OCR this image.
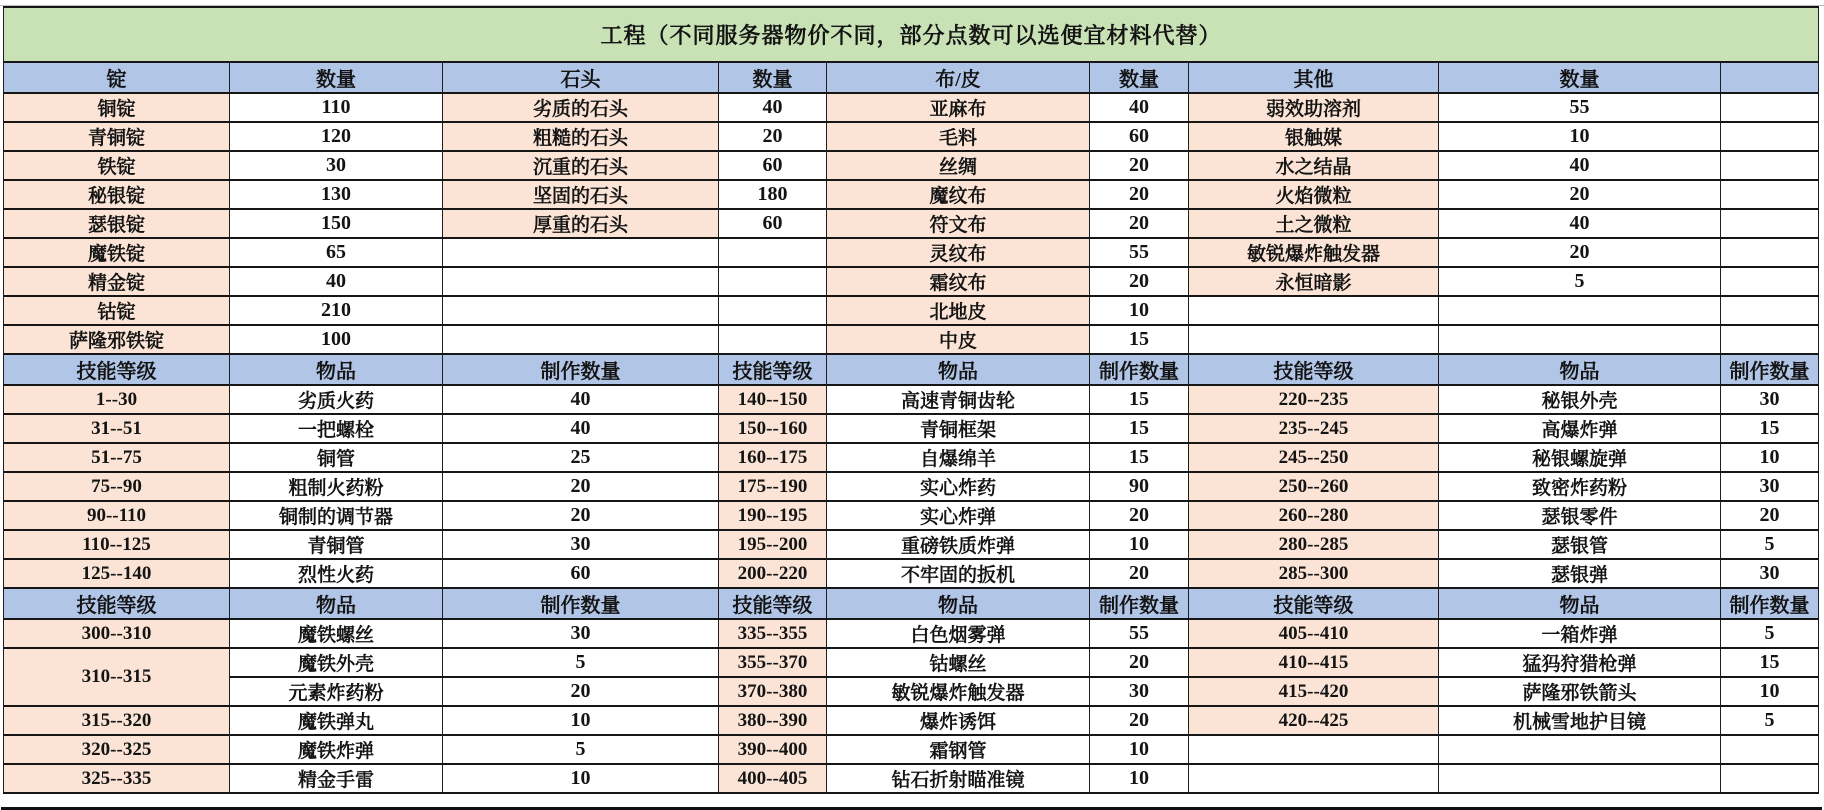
工程（不同服务器物价不同，部分点数可以选便宜材料代替）								
锭	数量	石头	数量	布/皮	数量	其他	数量	
铜锭	110	劣质的石头	40	亚麻布	40	弱效助溶剂	55	
青铜锭	120	粗糙的石头	20	毛料	60	银触媒	10	
铁锭	30	沉重的石头	60	丝绸	20	水之结晶	40	
秘银锭	130	坚固的石头	180	魔纹布	20	火焰微粒	20	
瑟银锭	150	厚重的石头	60	符文布	20	土之微粒	40	
魔铁锭	65			灵纹布	55	敏锐爆炸触发器	20	
精金锭	40			霜纹布	20	永恒暗影	5	
钴锭	210			北地皮	10			
萨隆邪铁锭	100			中皮	15			
技能等级	物品	制作数量	技能等级	物品	制作数量	技能等级	物品	制作数量
1--30	劣质火药	40	140--150	高速青铜齿轮	15	220--235	秘银外壳	30
31--51	一把螺栓	40	150--160	青铜框架	15	235--245	高爆炸弹	15
51--75	铜管	25	160--175	自爆绵羊	15	245--250	秘银螺旋弹	10
75--90	粗制火药粉	20	175--190	实心炸药	90	250--260	致密炸药粉	30
90--110	铜制的调节器	20	190--195	实心炸弹	20	260--280	瑟银零件	20
110--125	青铜管	30	195--200	重磅铁质炸弹	10	280--285	瑟银管	5
125--140	烈性火药	60	200--220	不牢固的扳机	20	285--300	瑟银弹	30
技能等级	物品	制作数量	技能等级	物品	制作数量	技能等级	物品	制作数量
300--310	魔铁螺丝	30	335--355	白色烟雾弹	55	405--410	一箱炸弹	5
310--315	魔铁外壳	5	355--370	钴螺丝	20	410--415	猛犸狩猎枪弹	15
	元素炸药粉	20	370--380	敏锐爆炸触发器	30	415--420	萨隆邪铁箭头	10
315--320	魔铁弹丸	10	380--390	爆炸诱饵	20	420--425	机械雪地护目镜	5
320--325	魔铁炸弹	5	390--400	霜钢管	10			
325--335	精金手雷	10	400--405	钻石折射瞄准镜	10			
